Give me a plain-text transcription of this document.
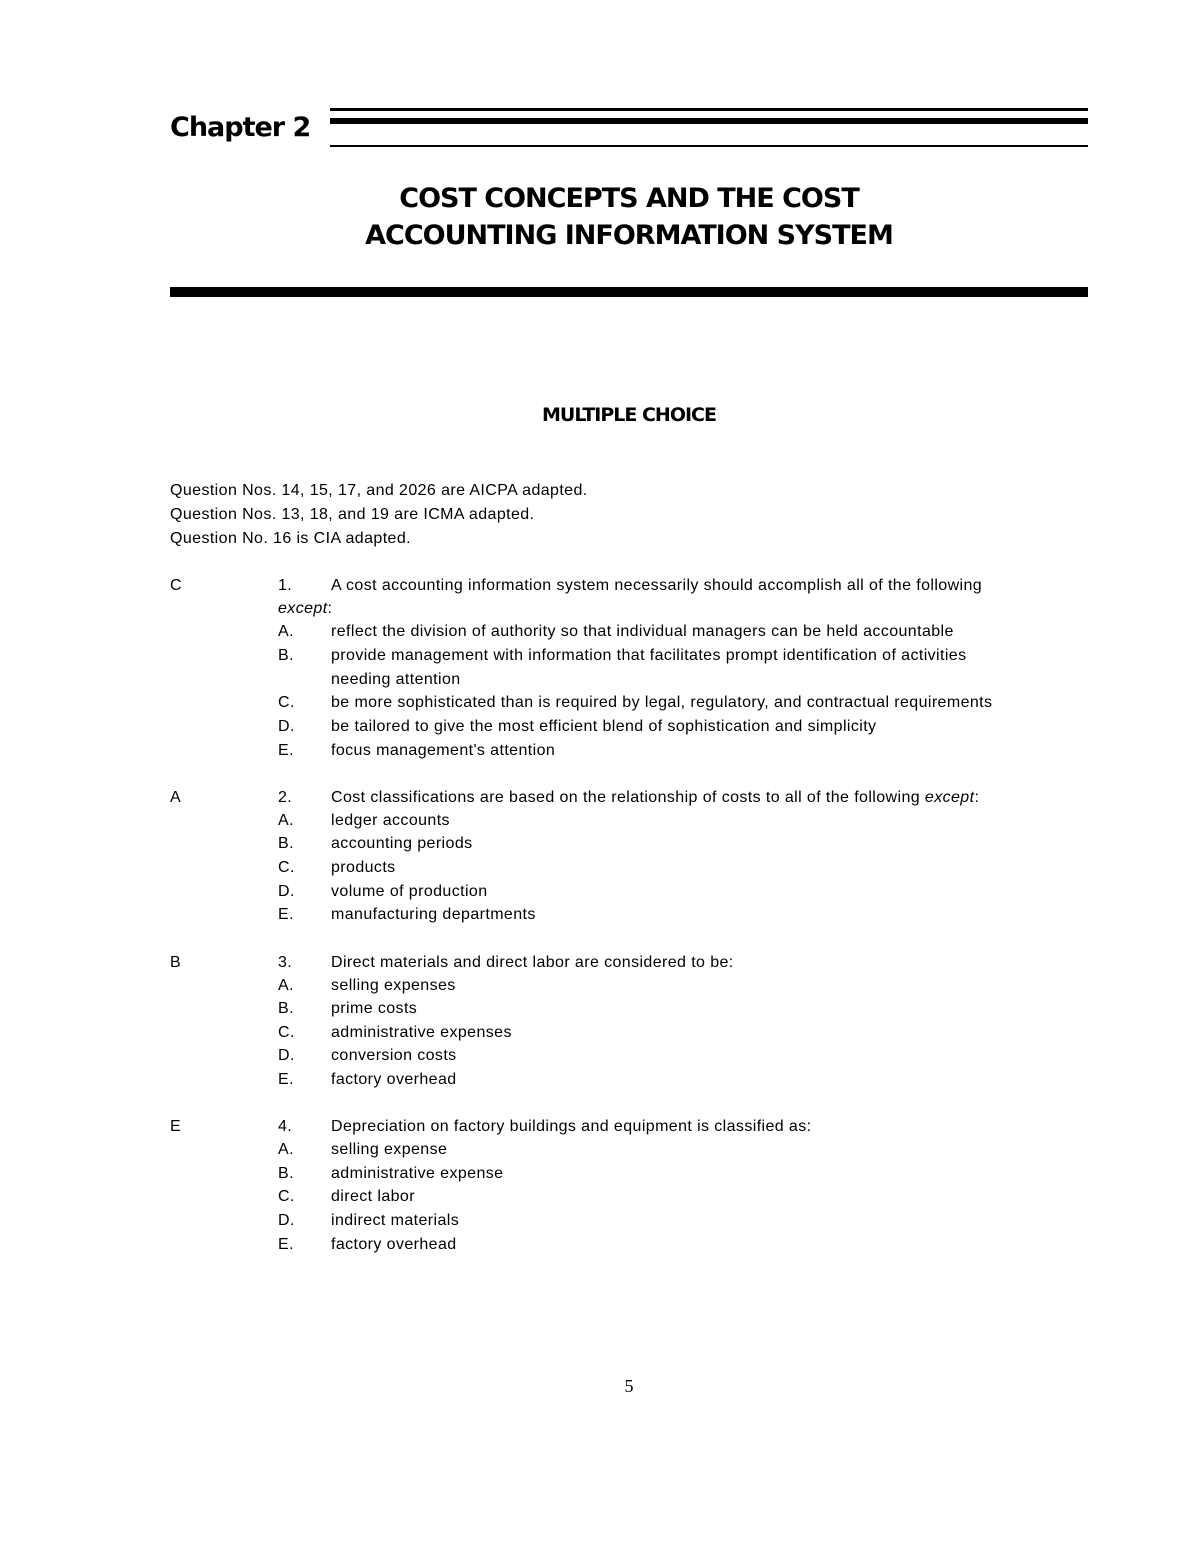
Chapter 2
COST CONCEPTS AND THE COST
ACCOUNTING INFORMATION SYSTEM
MULTIPLE CHOICE
Question Nos. 14, 15, 17, and 2026 are AICPA adapted.
Question Nos. 13, 18, and 19 are ICMA adapted.
Question No. 16 is CIA adapted.
C	1. A cost accounting information system necessarily should accomplish all of the following
except:
A. reflect the division of authority so that individual managers can be held accountable
B. provide management with information that facilitates prompt identification of activities
needing attention
C. be more sophisticated than is required by legal, regulatory, and contractual requirements
D. be tailored to give the most efficient blend of sophistication and simplicity
E. focus management's attention
A	2. Cost classifications are based on the relationship of costs to all of the following except:
A. ledger accounts
B. accounting periods
C. products
D. volume of production
E. manufacturing departments
B	3. Direct materials and direct labor are considered to be:
A. selling expenses
B. prime costs
C. administrative expenses
D. conversion costs
E. factory overhead
E	4. Depreciation on factory buildings and equipment is classified as:
A. selling expense
B. administrative expense
C. direct labor
D. indirect materials
E. factory overhead
5
